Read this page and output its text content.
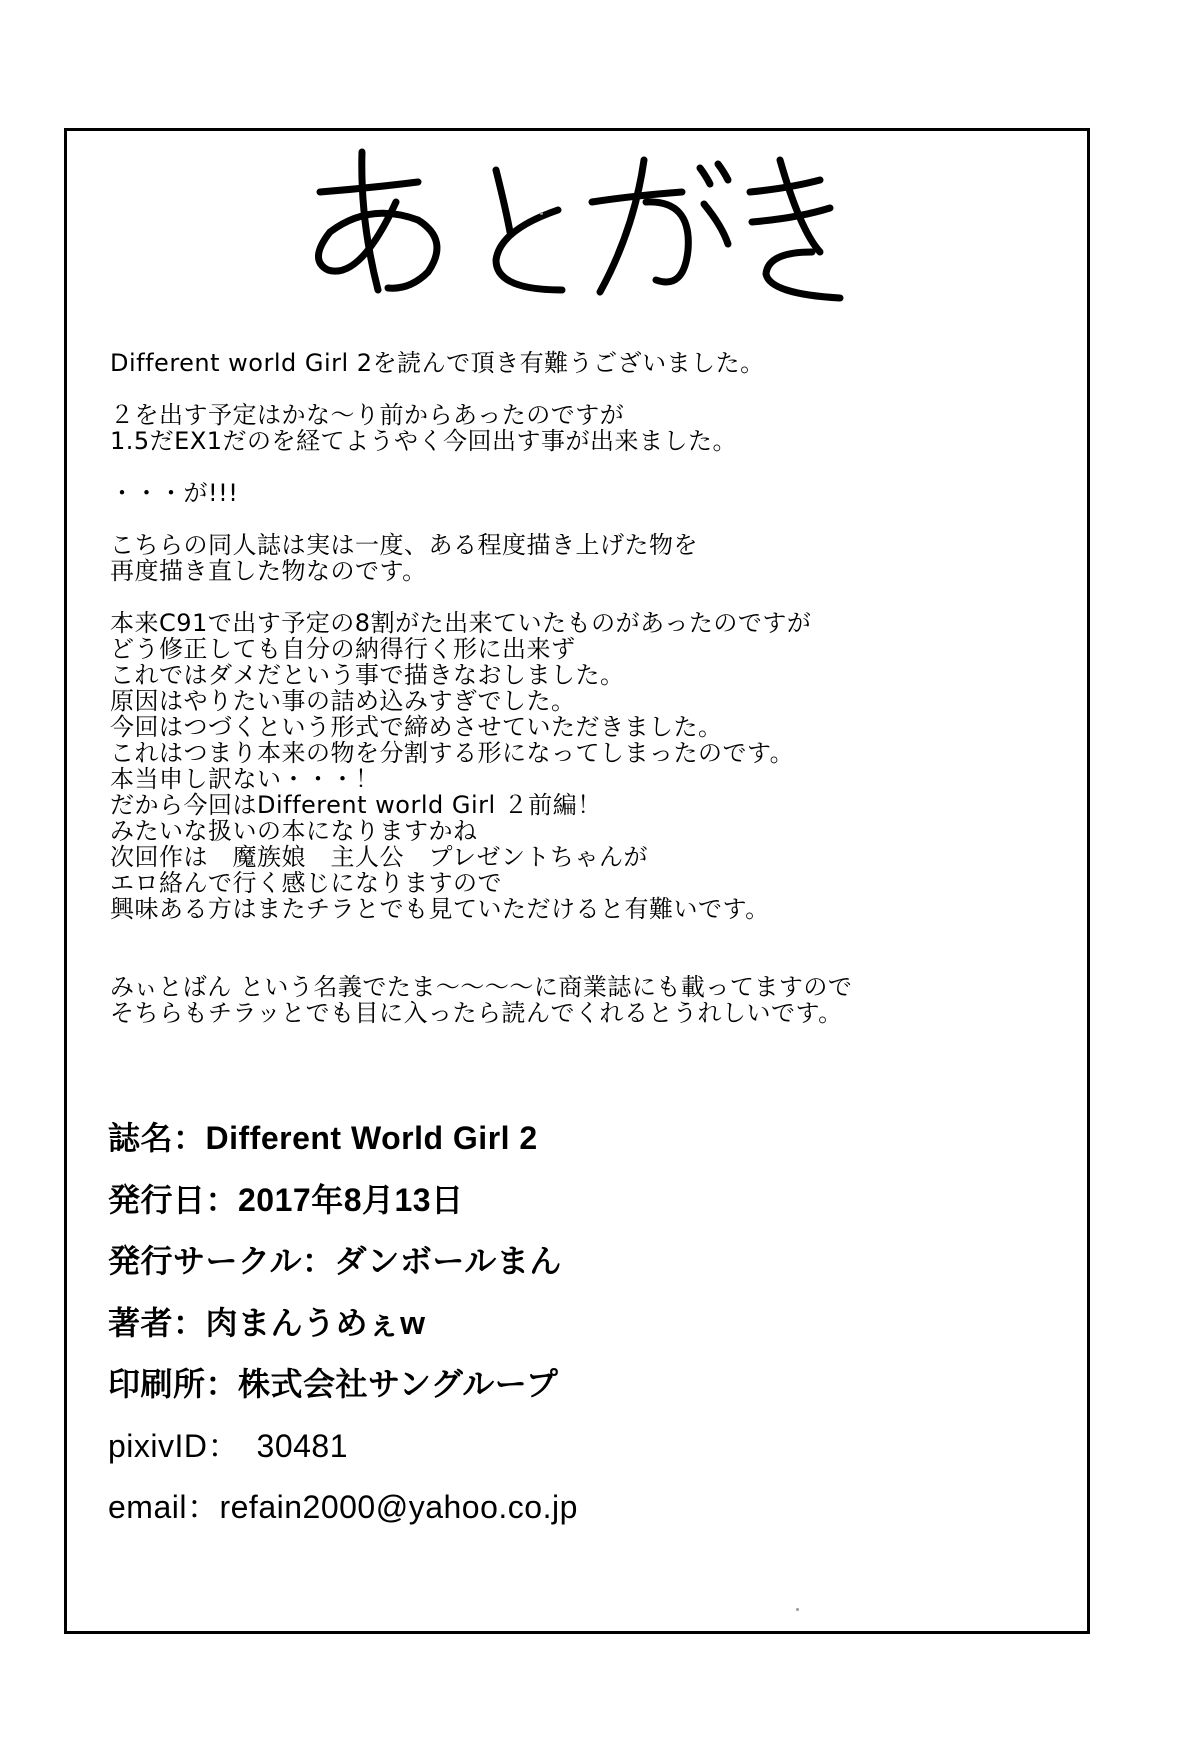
Different world Girl 2を読んで頂き有難うございました。
２を出す予定はかな～り前からあったのですが
1.5だEX1だのを経てようやく今回出す事が出来ました。
・・・が!!!
こちらの同人誌は実は一度、ある程度描き上げた物を
再度描き直した物なのです。
本来C91で出す予定の8割がた出来ていたものがあったのですが
どう修正しても自分の納得行く形に出来ず
これではダメだという事で描きなおしました。
原因はやりたい事の詰め込みすぎでした。
今回はつづくという形式で締めさせていただきました。
これはつまり本来の物を分割する形になってしまったのです。
本当申し訳ない・・・！
だから今回はDifferent world Girl ２前編！
みたいな扱いの本になりますかね
次回作は　魔族娘　主人公　プレゼントちゃんが
エロ絡んで行く感じになりますので
興味ある方はまたチラとでも見ていただけると有難いです。
みぃとばん という名義でたま～～～～に商業誌にも載ってますので
そちらもチラッとでも目に入ったら読んでくれるとうれしいです。
誌名：Different World Girl 2
発行日：2017年8月13日
発行サークル：ダンボールまん
著者：肉まんうめぇw
印刷所：株式会社サングループ
pixivID：　30481
email：refain2000@yahoo.co.jp
